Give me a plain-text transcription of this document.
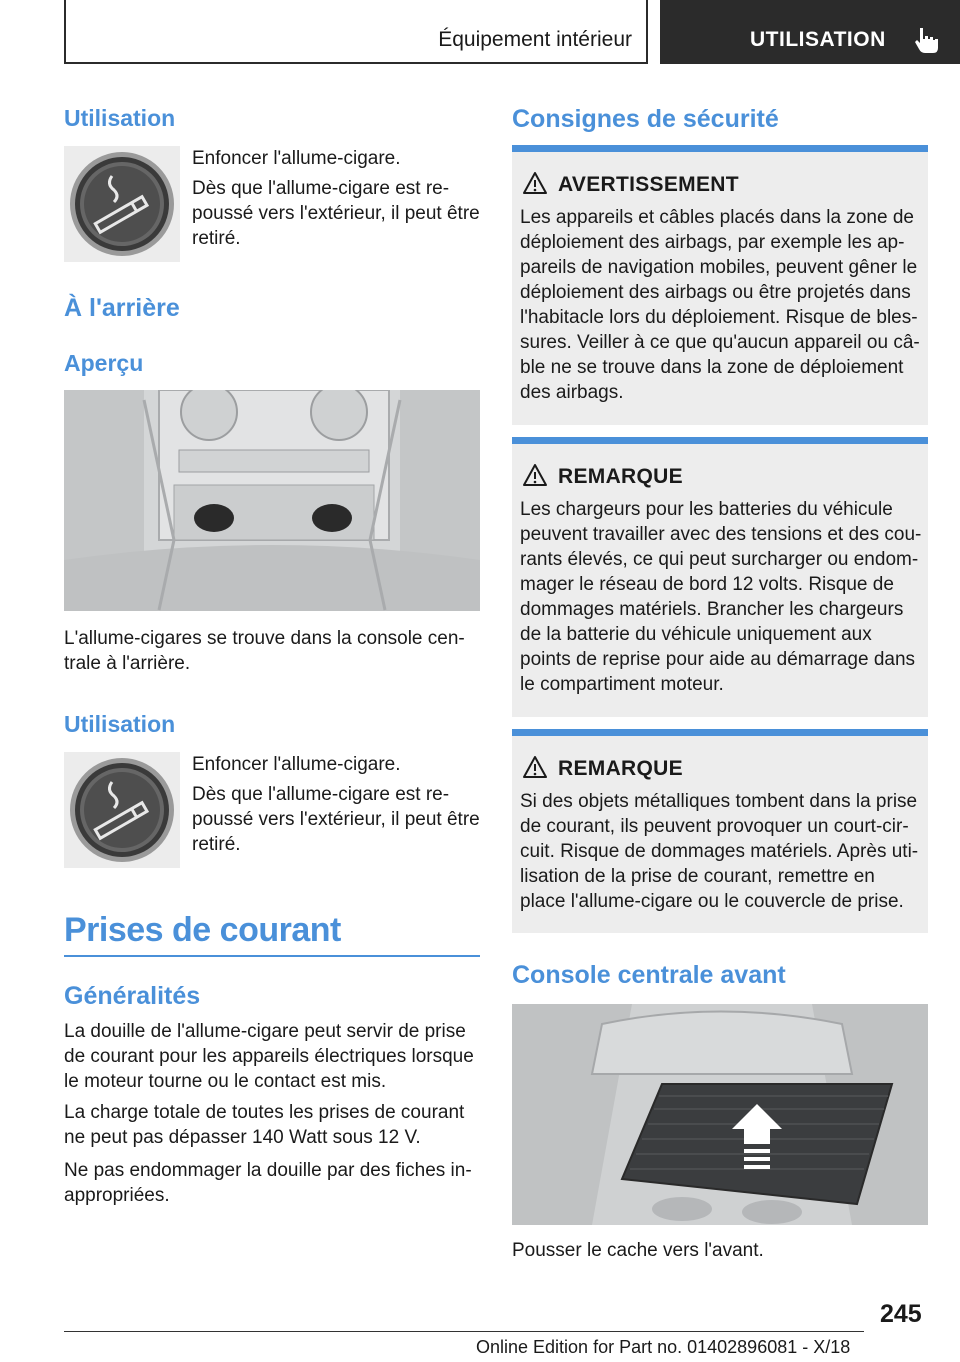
Équipement intérieur	UTILISATION
Utilisation
Enfoncer l'allume-cigare.
Dès que l'allume-cigare est re-
poussé vers l'extérieur, il peut être
retiré.
À l'arrière
Aperçu
L'allume-cigares se trouve dans la console cen-
trale à l'arrière.
Utilisation
Enfoncer l'allume-cigare.
Dès que l'allume-cigare est re-
poussé vers l'extérieur, il peut être
retiré.
Prises de courant
Généralités
La douille de l'allume-cigare peut servir de prise
de courant pour les appareils électriques lorsque
le moteur tourne ou le contact est mis.
La charge totale de toutes les prises de courant
ne peut pas dépasser 140 Watt sous 12 V.
Ne pas endommager la douille par des fiches in-
appropriées.
Consignes de sécurité
AVERTISSEMENT
Les appareils et câbles placés dans la zone de
déploiement des airbags, par exemple les ap-
pareils de navigation mobiles, peuvent gêner le
déploiement des airbags ou être projetés dans
l'habitacle lors du déploiement. Risque de bles-
sures. Veiller à ce que qu'aucun appareil ou câ-
ble ne se trouve dans la zone de déploiement
des airbags.
REMARQUE
Les chargeurs pour les batteries du véhicule
peuvent travailler avec des tensions et des cou-
rants élevés, ce qui peut surcharger ou endom-
mager le réseau de bord 12 volts. Risque de
dommages matériels. Brancher les chargeurs
de la batterie du véhicule uniquement aux
points de reprise pour aide au démarrage dans
le compartiment moteur.
REMARQUE
Si des objets métalliques tombent dans la prise
de courant, ils peuvent provoquer un court-cir-
cuit. Risque de dommages matériels. Après uti-
lisation de la prise de courant, remettre en
place l'allume-cigare ou le couvercle de prise.
Console centrale avant
Pousser le cache vers l'avant.
245
Online Edition for Part no. 01402896081 - X/18
